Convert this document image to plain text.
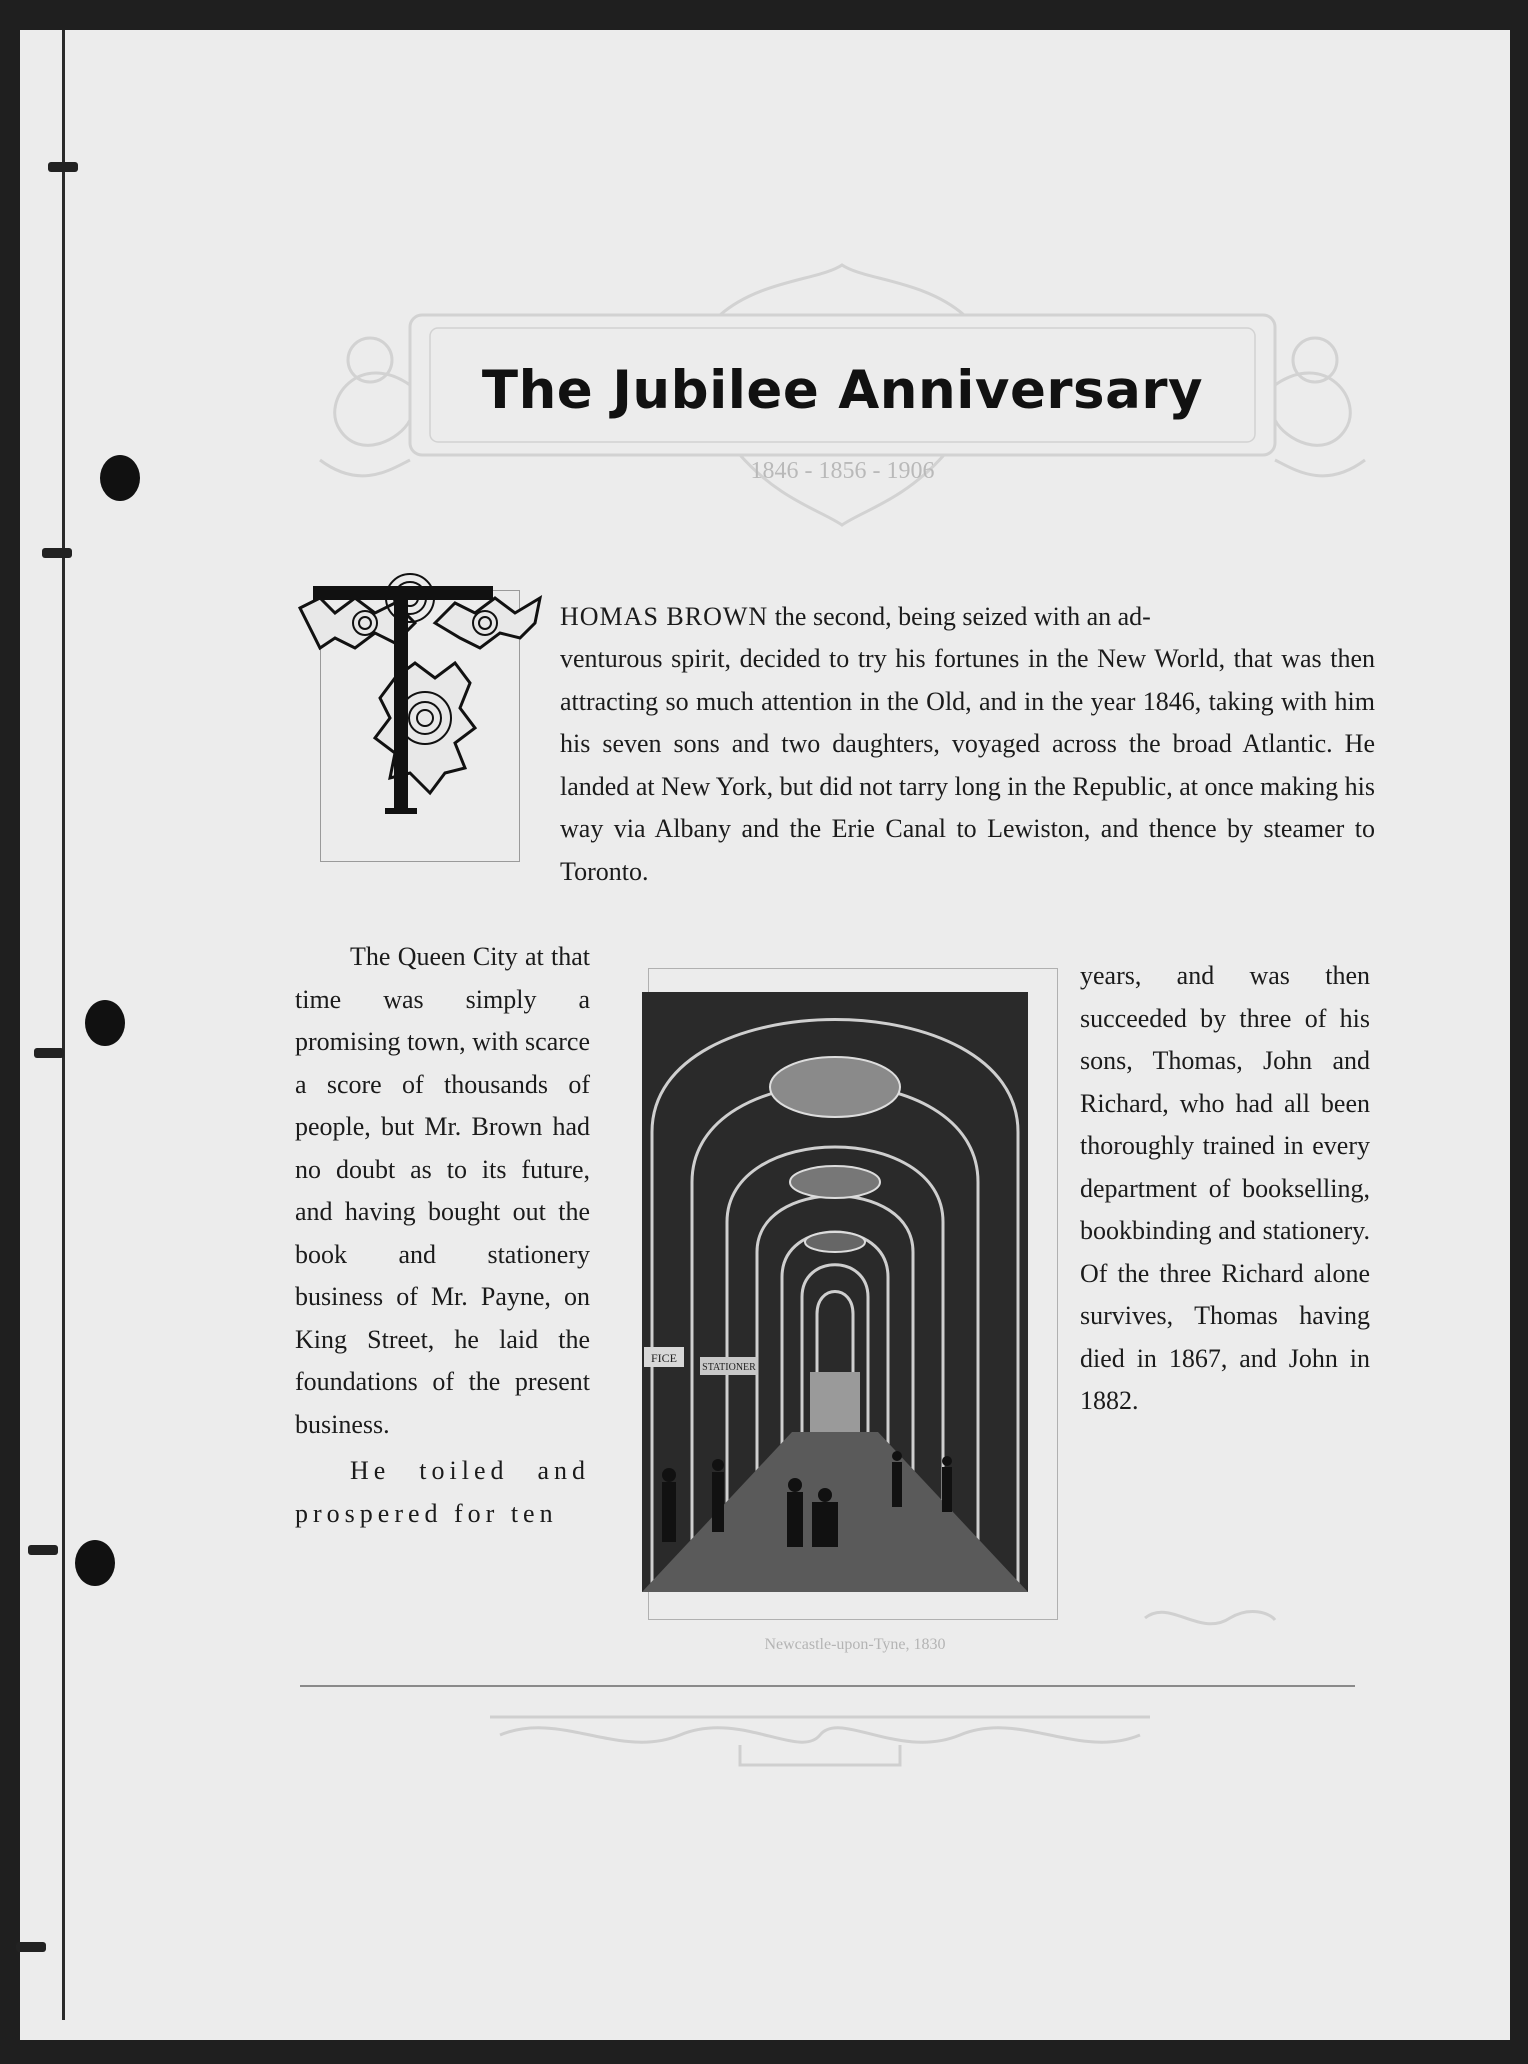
The Jubilee Anniversary
1846 - 1856 - 1906
HOMAS BROWN the second, being seized with an ad-

venturous spirit, decided to try his fortunes in the New World, that was then attracting so much attention in the Old, and in the year 1846, taking with him his seven sons and two daughters, voyaged across the broad Atlantic. He landed at New York, but did not tarry long in the Republic, at once making his way via Albany and the Erie Canal to Lewiston, and thence by steamer to Toronto.

The Queen City at that time was simply a promising town, with scarce a score of thousands of people, but Mr. Brown had no doubt as to its future, and having bought out the book and stationery business of Mr. Payne, on King Street, he laid the foundations of the present business.

He toiled and prospered for ten

FICE
STATIONER
Newcastle-upon-Tyne, 1830

years, and was then succeeded by three of his sons, Thomas, John and Richard, who had all been thoroughly trained in every department of bookselling, bookbinding and stationery. Of the three Richard alone survives, Thomas having died in 1867, and John in 1882.
